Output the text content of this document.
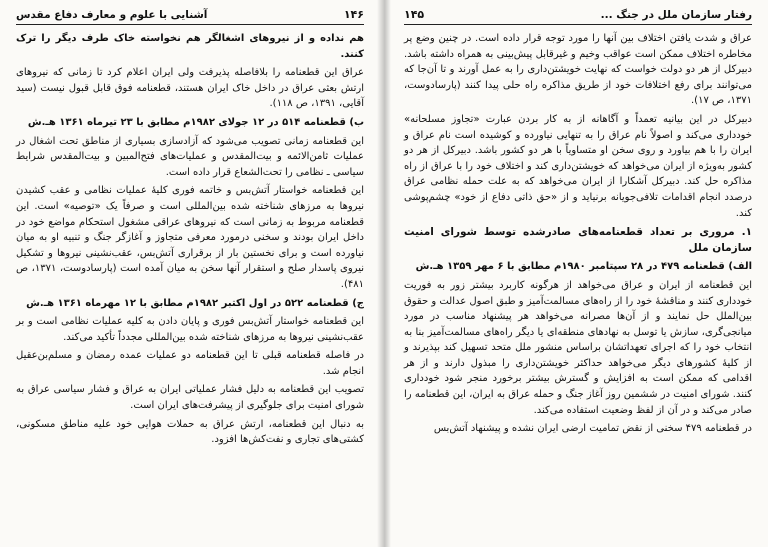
۱۴۶
آشنایی با علوم و معارف دفاع مقدس

هم نداده و از نیروهای اشغالگر هم نخواسته خاک طرف دیگر را ترک کنند.

عراق این قطعنامه را بلافاصله پذیرفت ولی ایران اعلام کرد تا زمانی که نیروهای ارتش بعثی عراق در داخل خاک ایران هستند، قطعنامه فوق قابل قبول نیست (سید آقایی، ۱۳۹۱، ص ۱۱۸).

ب) قطعنامه ۵۱۴ در ۱۲ جولای ۱۹۸۲م مطابق با ۲۳ تیرماه ۱۳۶۱ هـ.ش

این قطعنامه زمانی تصویب می‌شود که آزادسازی بسیاری از مناطق تحت اشغال در عملیات ثامن‌الائمه و بیت‌المقدس و عملیات‌های فتح‌المبین و بیت‌المقدس شرایط سیاسی ـ نظامی را تحت‌الشعاع قرار داده است.

این قطعنامه خواستار آتش‌بس و خاتمه فوری کلیهٔ عملیات نظامی و عقب کشیدن نیروها به مرزهای شناخته شده بین‌المللی است و صرفاً یک «توصیه» است. این قطعنامه مربوط به زمانی است که نیروهای عراقی مشغول استحکام مواضع خود در داخل ایران بودند و سخنی درمورد معرفی متجاوز و آغازگر جنگ و تنبیه او به میان نیاورده است و برای نخستین بار از برقراری آتش‌بس، عقب‌نشینی نیروها و تشکیل نیروی پاسدار صلح و استقرار آنها سخن به میان آمده است (پارسادوست، ۱۳۷۱، ص ۴۸۱).

ج) قطعنامه ۵۲۲ در اول اکتبر ۱۹۸۲م مطابق با ۱۲ مهرماه ۱۳۶۱ هـ.ش

این قطعنامه خواستار آتش‌بس فوری و پایان دادن به کلیه عملیات نظامی است و بر عقب‌نشینی نیروها به مرزهای شناخته شده بین‌المللی مجدداً تأکید می‌کند.

در فاصله قطعنامه قبلی تا این قطعنامه دو عملیات عمده رمضان و مسلم‌بن‌عقیل انجام شد.

تصویب این قطعنامه به دلیل فشار عملیاتی ایران به عراق و فشار سیاسی عراق به شورای امنیت برای جلوگیری از پیشرفت‌های ایران است.

به دنبال این قطعنامه، ارتش عراق به حملات هوایی خود علیه مناطق مسکونی، کشتی‌های تجاری و نفت‌کش‌ها افزود.

رفتار سازمان ملل در جنگ ...
۱۴۵

عراق و شدت یافتن اختلاف بین آنها را مورد توجه قرار داده است. در چنین وضع پر مخاطره اختلاف ممکن است عواقب وخیم و غیرقابل پیش‌بینی به همراه داشته باشد. دبیرکل از هر دو دولت خواست که نهایت خویشتن‌داری را به عمل آورند و تا آن‌جا که می‌توانند برای رفع اختلافات خود از طریق مذاکره راه حلی پیدا کنند (پارسادوست، ۱۳۷۱، ص ۱۷).

دبیرکل در این بیانیه تعمداً و آگاهانه از به کار بردن عبارت «تجاوز مسلحانه» خودداری می‌کند و اصولاً نام عراق را به تنهایی نیاورده و کوشیده است نام عراق و ایران را با هم بیاورد و روی سخن او متساویاً با هر دو کشور باشد. دبیرکل از هر دو کشور به‌ویژه از ایران می‌خواهد که خویشتن‌داری کند و اختلاف خود را با عراق از راه مذاکره حل کند. دبیرکل آشکارا از ایران می‌خواهد که به علت حمله نظامی عراق درصدد انجام اقدامات تلافی‌جویانه برنیاید و از «حق ذاتی دفاع از خود» چشم‌پوشی کند.

۱. مروری بر تعداد قطعنامه‌های صادرشده توسط شورای امنیت سازمان ملل

الف) قطعنامه ۴۷۹ در ۲۸ سپتامبر ۱۹۸۰م مطابق با ۶ مهر ۱۳۵۹ هـ.ش

این قطعنامه از ایران و عراق می‌خواهد از هرگونه کاربرد بیشتر زور به فوریت خودداری کنند و مناقشهٔ خود را از راه‌های مسالمت‌آمیز و طبق اصول عدالت و حقوق بین‌الملل حل نمایند و از آن‌ها مصرانه می‌خواهد هر پیشنهاد مناسب در مورد میانجی‌گری، سازش یا توسل به نهادهای منطقه‌ای یا دیگر راه‌های مسالمت‌آمیز بنا به انتخاب خود را که اجرای تعهداتشان براساس منشور ملل متحد تسهیل کند بپذیرند و از کلیهٔ کشورهای دیگر می‌خواهد حداکثر خویشتن‌داری را مبذول دارند و از هر اقدامی که ممکن است به افزایش و گسترش بیشتر برخورد منجر شود خودداری کنند. شورای امنیت در ششمین روز آغاز جنگ و حمله عراق به ایران، این قطعنامه را صادر می‌کند و در آن از لفظ وضعیت استفاده می‌کند.

در قطعنامه ۴۷۹ سخنی از نقض تمامیت ارضی ایران نشده و پیشنهاد آتش‌بس
